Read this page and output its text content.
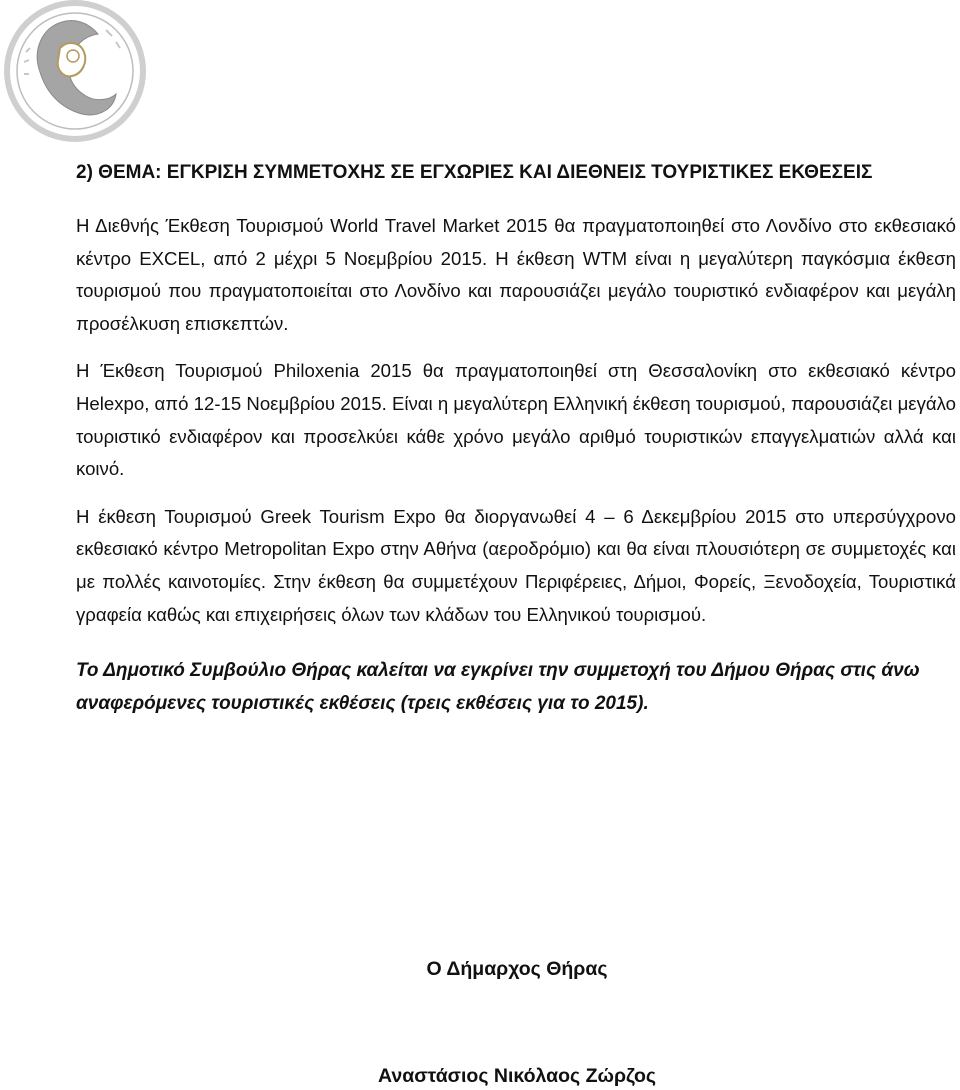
2) ΘΕΜΑ: ΕΓΚΡΙΣΗ ΣΥΜΜΕΤΟΧΗΣ ΣΕ ΕΓΧΩΡΙΕΣ ΚΑΙ ΔΙΕΘΝΕΙΣ ΤΟΥΡΙΣΤΙΚΕΣ ΕΚΘΕΣΕΙΣ

Η Διεθνής Έκθεση Τουρισμού World Travel Market 2015 θα πραγματοποιηθεί στο Λονδίνο στο εκθεσιακό κέντρο EXCEL, από 2 μέχρι 5 Νοεμβρίου 2015. Η έκθεση WTM είναι η μεγαλύτερη παγκόσμια έκθεση τουρισμού που πραγματοποιείται στο Λονδίνο και παρουσιάζει μεγάλο τουριστικό ενδιαφέρον και μεγάλη προσέλκυση επισκεπτών.

Η Έκθεση Τουρισμού Philoxenia 2015 θα πραγματοποιηθεί στη Θεσσαλονίκη στο εκθεσιακό κέντρο Helexpo, από 12-15 Νοεμβρίου 2015. Είναι η μεγαλύτερη Ελληνική έκθεση τουρισμού, παρουσιάζει μεγάλο τουριστικό ενδιαφέρον και προσελκύει κάθε χρόνο μεγάλο αριθμό τουριστικών επαγγελματιών αλλά και κοινό.

Η έκθεση Τουρισμού Greek Tourism Expo θα διοργανωθεί 4 – 6 Δεκεμβρίου 2015 στο υπερσύγχρονο εκθεσιακό κέντρο Metropolitan Expo στην Αθήνα (αεροδρόμιο) και θα είναι πλουσιότερη σε συμμετοχές και με πολλές καινοτομίες. Στην έκθεση θα συμμετέχουν Περιφέρειες, Δήμοι, Φορείς, Ξενοδοχεία, Τουριστικά γραφεία καθώς και επιχειρήσεις όλων των κλάδων του Ελληνικού τουρισμού.

Το Δημοτικό Συμβούλιο Θήρας καλείται να εγκρίνει την συμμετοχή του Δήμου Θήρας στις άνω αναφερόμενες τουριστικές εκθέσεις (τρεις εκθέσεις για το 2015).

Ο Δήμαρχος Θήρας
Αναστάσιος Νικόλαος Ζώρζος
